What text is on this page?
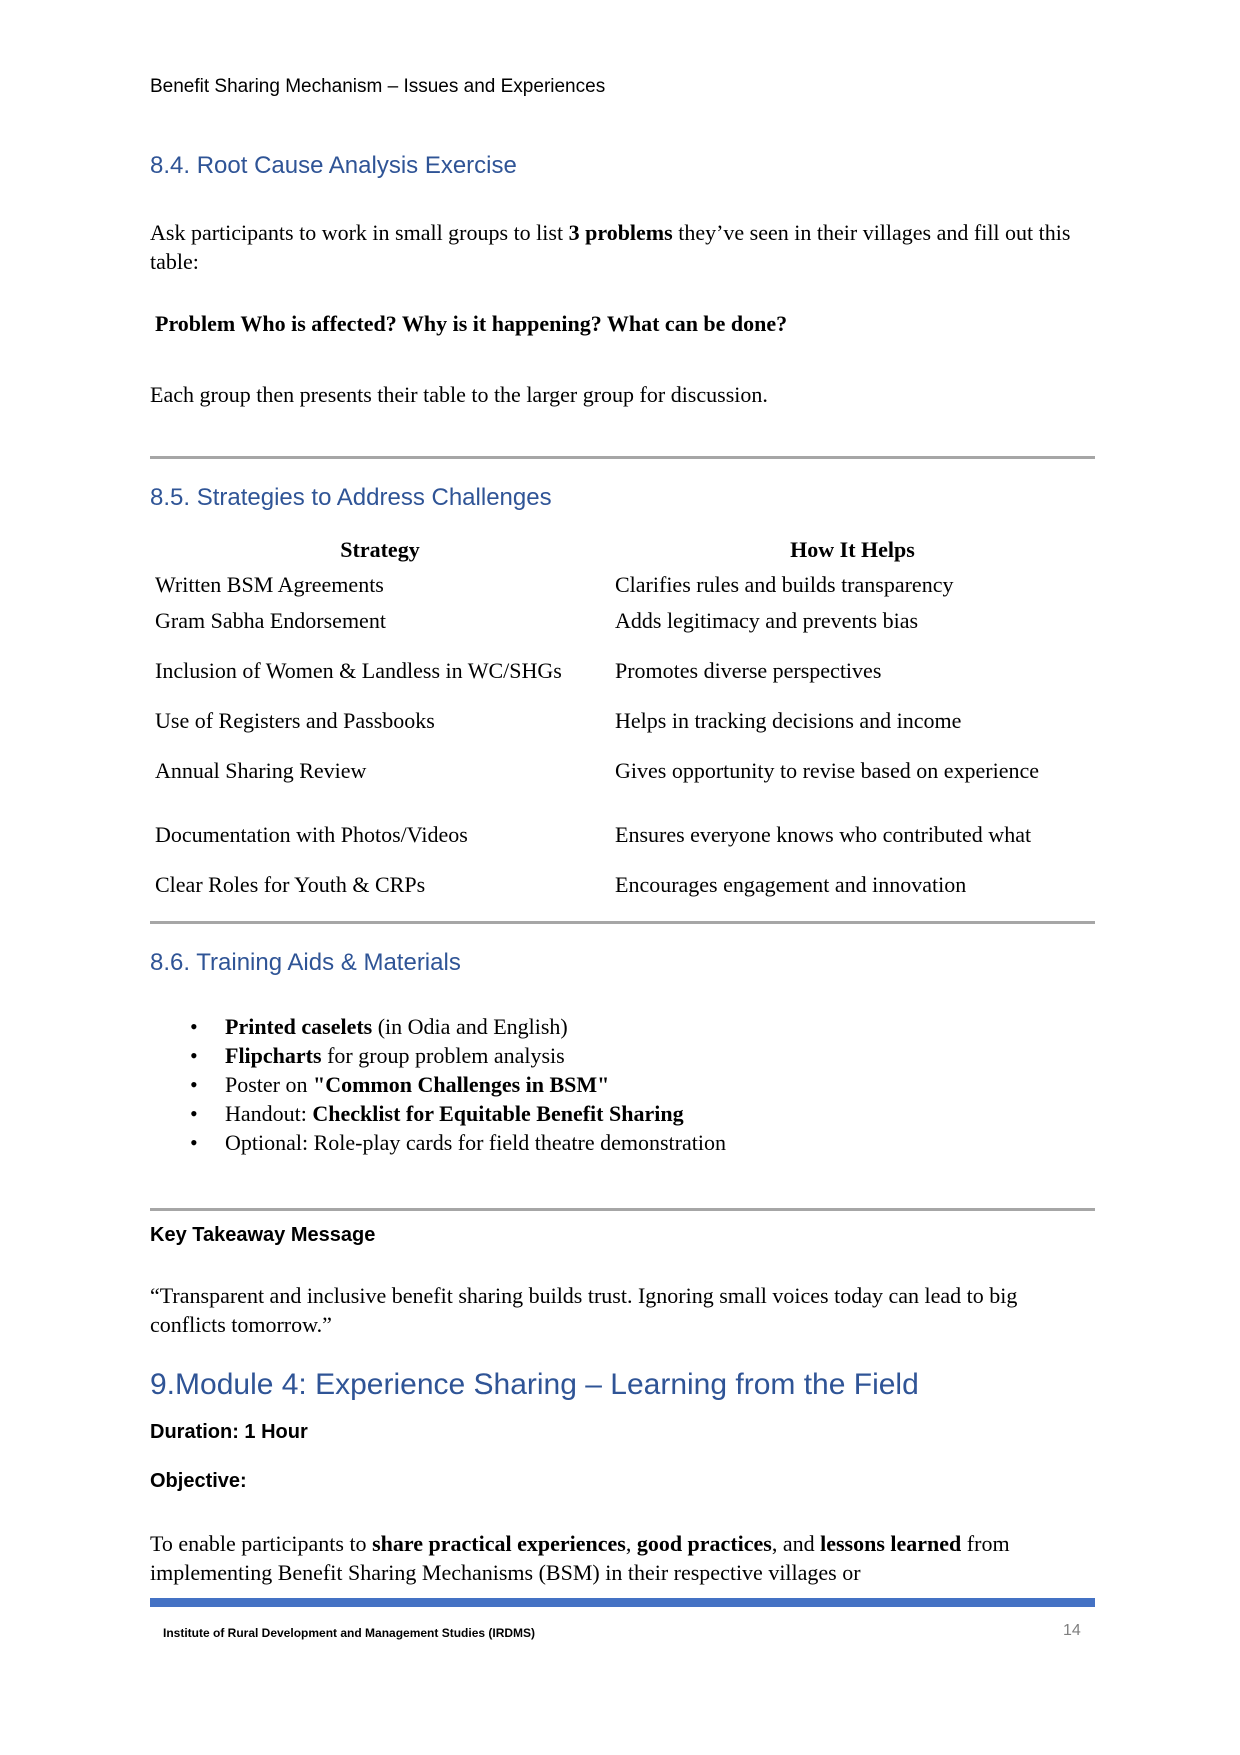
Benefit Sharing Mechanism – Issues and Experiences
8.4. Root Cause Analysis Exercise
Ask participants to work in small groups to list 3 problems they’ve seen in their villages and fill out this table:
Problem Who is affected? Why is it happening? What can be done?
Each group then presents their table to the larger group for discussion.
8.5. Strategies to Address Challenges
Strategy	How It Helps
Written BSM Agreements	Clarifies rules and builds transparency
Gram Sabha Endorsement	Adds legitimacy and prevents bias
Inclusion of Women & Landless in WC/SHGs	Promotes diverse perspectives
Use of Registers and Passbooks	Helps in tracking decisions and income
Annual Sharing Review	Gives opportunity to revise based on experience
Documentation with Photos/Videos	Ensures everyone knows who contributed what
Clear Roles for Youth & CRPs	Encourages engagement and innovation
8.6. Training Aids & Materials
• Printed caselets (in Odia and English)
• Flipcharts for group problem analysis
• Poster on "Common Challenges in BSM"
• Handout: Checklist for Equitable Benefit Sharing
• Optional: Role-play cards for field theatre demonstration
Key Takeaway Message
“Transparent and inclusive benefit sharing builds trust. Ignoring small voices today can lead to big conflicts tomorrow.”
9.Module 4: Experience Sharing – Learning from the Field
Duration: 1 Hour
Objective:
To enable participants to share practical experiences, good practices, and lessons learned from implementing Benefit Sharing Mechanisms (BSM) in their respective villages or
Institute of Rural Development and Management Studies (IRDMS)	14
